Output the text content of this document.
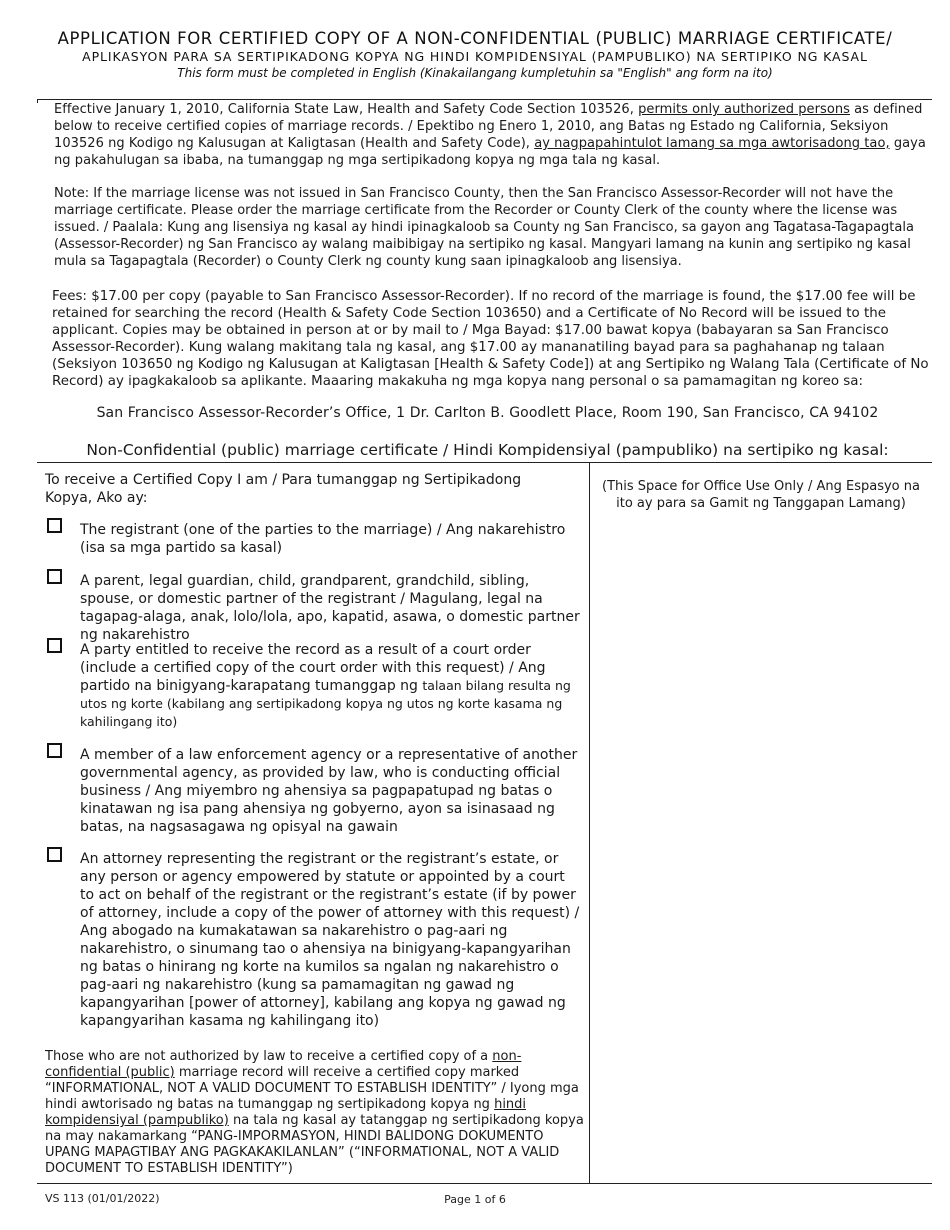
APPLICATION FOR CERTIFIED COPY OF A NON-CONFIDENTIAL (PUBLIC) MARRIAGE CERTIFICATE/
APLIKASYON PARA SA SERTIPIKADONG KOPYA NG HINDI KOMPIDENSIYAL (PAMPUBLIKO) NA SERTIPIKO NG KASAL
This form must be completed in English (Kinakailangang kumpletuhin sa "English" ang form na ito)
Effective January 1, 2010, California State Law, Health and Safety Code Section 103526, permits only authorized persons as defined below to receive certified copies of marriage records. / Epektibo ng Enero 1, 2010, ang Batas ng Estado ng California, Seksiyon 103526 ng Kodigo ng Kalusugan at Kaligtasan (Health and Safety Code), ay nagpapahintulot lamang sa mga awtorisadong tao, gaya ng pakahulugan sa ibaba, na tumanggap ng mga sertipikadong kopya ng mga tala ng kasal.
Note: If the marriage license was not issued in San Francisco County, then the San Francisco Assessor-Recorder will not have the marriage certificate. Please order the marriage certificate from the Recorder or County Clerk of the county where the license was issued. / Paalala: Kung ang lisensiya ng kasal ay hindi ipinagkaloob sa County ng San Francisco, sa gayon ang Tagatasa-Tagapagtala (Assessor-Recorder) ng San Francisco ay walang maibibigay na sertipiko ng kasal. Mangyari lamang na kunin ang sertipiko ng kasal mula sa Tagapagtala (Recorder) o County Clerk ng county kung saan ipinagkaloob ang lisensiya.
Fees: $17.00 per copy (payable to San Francisco Assessor-Recorder). If no record of the marriage is found, the $17.00 fee will be retained for searching the record (Health & Safety Code Section 103650) and a Certificate of No Record will be issued to the applicant. Copies may be obtained in person at or by mail to / Mga Bayad: $17.00 bawat kopya (babayaran sa San Francisco Assessor-Recorder). Kung walang makitang tala ng kasal, ang $17.00 ay mananatiling bayad para sa paghahanap ng talaan (Seksiyon 103650 ng Kodigo ng Kalusugan at Kaligtasan [Health & Safety Code]) at ang Sertipiko ng Walang Tala (Certificate of No Record) ay ipagkakaloob sa aplikante. Maaaring makakuha ng mga kopya nang personal o sa pamamagitan ng koreo sa:
San Francisco Assessor-Recorder’s Office, 1 Dr. Carlton B. Goodlett Place, Room 190, San Francisco, CA 94102
Non-Confidential (public) marriage certificate / Hindi Kompidensiyal (pampubliko) na sertipiko ng kasal:
To receive a Certified Copy I am / Para tumanggap ng Sertipikadong Kopya, Ako ay:
The registrant (one of the parties to the marriage) / Ang nakarehistro (isa sa mga partido sa kasal)
A parent, legal guardian, child, grandparent, grandchild, sibling, spouse, or domestic partner of the registrant / Magulang, legal na tagapag-alaga, anak, lolo/lola, apo, kapatid, asawa, o domestic partner ng nakarehistro
A party entitled to receive the record as a result of a court order (include a certified copy of the court order with this request) / Ang partido na binigyang-karapatang tumanggap ng talaan bilang resulta ng utos ng korte (kabilang ang sertipikadong kopya ng utos ng korte kasama ng kahilingang ito)
A member of a law enforcement agency or a representative of another governmental agency, as provided by law, who is conducting official business / Ang miyembro ng ahensiya sa pagpapatupad ng batas o kinatawan ng isa pang ahensiya ng gobyerno, ayon sa isinasaad ng batas, na nagsasagawa ng opisyal na gawain
An attorney representing the registrant or the registrant’s estate, or any person or agency empowered by statute or appointed by a court to act on behalf of the registrant or the registrant’s estate (if by power of attorney, include a copy of the power of attorney with this request) / Ang abogado na kumakatawan sa nakarehistro o pag-aari ng nakarehistro, o sinumang tao o ahensiya na binigyang-kapangyarihan ng batas o hinirang ng korte na kumilos sa ngalan ng nakarehistro o pag-aari ng nakarehistro (kung sa pamamagitan ng gawad ng kapangyarihan [power of attorney], kabilang ang kopya ng gawad ng kapangyarihan kasama ng kahilingang ito)
Those who are not authorized by law to receive a certified copy of a non-confidential (public) marriage record will receive a certified copy marked “INFORMATIONAL, NOT A VALID DOCUMENT TO ESTABLISH IDENTITY” / Iyong mga hindi awtorisado ng batas na tumanggap ng sertipikadong kopya ng hindi kompidensiyal (pampubliko) na tala ng kasal ay tatanggap ng sertipikadong kopya na may nakamarkang “PANG-IMPORMASYON, HINDI BALIDONG DOKUMENTO UPANG MAPAGTIBAY ANG PAGKAKAKILANLAN” (“INFORMATIONAL, NOT A VALID DOCUMENT TO ESTABLISH IDENTITY”)
(This Space for Office Use Only / Ang Espasyo na ito ay para sa Gamit ng Tanggapan Lamang)
VS 113 (01/01/2022)	Page 1 of 6
